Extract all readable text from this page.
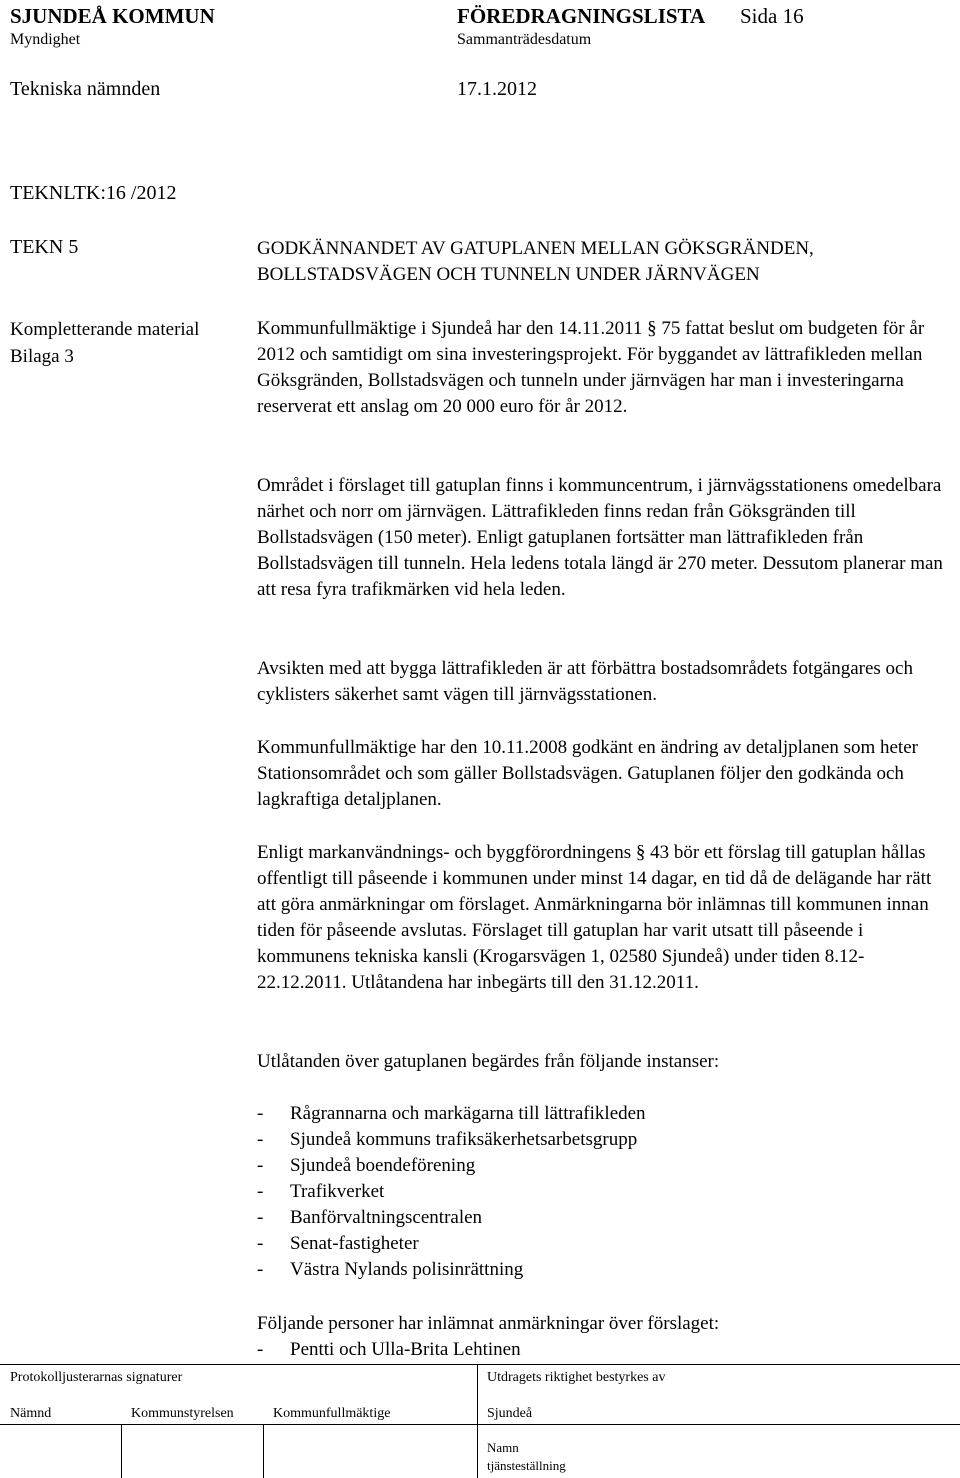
SJUNDEÅ KOMMUN	FÖREDRAGNINGSLISTA Sida 16
Myndighet	Sammanträdesdatum
Tekniska nämnden	17.1.2012
TEKNLTK:16 /2012
TEKN 5	GODKÄNNANDET AV GATUPLANEN MELLAN GÖKSGRÄNDEN,
BOLLSTADSVÄGEN OCH TUNNELN UNDER JÄRNVÄGEN
Kompletterande material
Bilaga 3

Kommunfullmäktige i Sjundeå har den 14.11.2011 § 75 fattat beslut om budgeten för år 2012 och samtidigt om sina investeringsprojekt. För byggandet av lättrafikleden mellan Göksgränden, Bollstadsvägen och tunneln under järnvägen har man i investeringarna reserverat ett anslag om 20 000 euro för år 2012.

Området i förslaget till gatuplan finns i kommuncentrum, i järnvägsstationens omedelbara närhet och norr om järnvägen. Lättrafikleden finns redan från Göksgränden till Bollstadsvägen (150 meter). Enligt gatuplanen fortsätter man lättrafikleden från Bollstadsvägen till tunneln. Hela ledens totala längd är 270 meter. Dessutom planerar man att resa fyra trafikmärken vid hela leden.

Avsikten med att bygga lättrafikleden är att förbättra bostadsområdets fotgängares och cyklisters säkerhet samt vägen till järnvägsstationen.

Kommunfullmäktige har den 10.11.2008 godkänt en ändring av detaljplanen som heter Stationsområdet och som gäller Bollstadsvägen. Gatuplanen följer den godkända och lagkraftiga detaljplanen.

Enligt markanvändnings- och byggförordningens § 43 bör ett förslag till gatuplan hållas offentligt till påseende i kommunen under minst 14 dagar, en tid då de delägande har rätt att göra anmärkningar om förslaget. Anmärkningarna bör inlämnas till kommunen innan tiden för påseende avslutas. Förslaget till gatuplan har varit utsatt till påseende i kommunens tekniska kansli (Krogarsvägen 1, 02580 Sjundeå) under tiden 8.12-22.12.2011. Utlåtandena har inbegärts till den 31.12.2011.

Utlåtanden över gatuplanen begärdes från följande instanser:

- Rågrannarna och markägarna till lättrafikleden
- Sjundeå kommuns trafiksäkerhetsarbetsgrupp
- Sjundeå boendeförening
- Trafikverket
- Banförvaltningscentralen
- Senat-fastigheter
- Västra Nylands polisinrättning

Följande personer har inlämnat anmärkningar över förslaget:

- Pentti och Ulla-Brita Lehtinen
Protokolljusterarnas signaturer	Utdragets riktighet bestyrkes av
Nämnd	Kommunstyrelsen	Kommunfullmäktige	Sjundeå
Namn
tjänsteställning
